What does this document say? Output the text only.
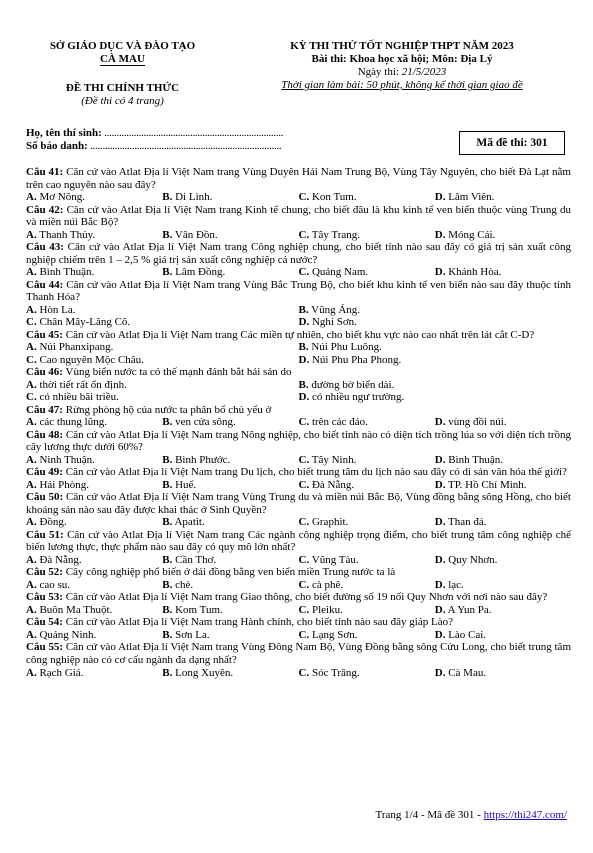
SỞ GIÁO DỤC VÀ ĐÀO TẠO
CÀ MAU
ĐỀ THI CHÍNH THỨC
(Đề thi có 4 trang)
KỲ THI THỬ TỐT NGHIỆP THPT NĂM 2023
Bài thi: Khoa học xã hội; Môn: Địa Lý
Ngày thi: 21/5/2023
Thời gian làm bài: 50 phút, không kể thời gian giao đề
Họ, tên thí sinh: .........................................................................
Số báo danh: ..............................................................................	Mã đề thi: 301
Câu 41: Căn cứ vào Atlat Địa lí Việt Nam trang Vùng Duyên Hải Nam Trung Bộ, Vùng Tây Nguyên, cho biết Đà Lạt nằm trên cao nguyên nào sau đây?
A. Mơ Nông.	B. Di Linh.	C. Kon Tum.	D. Lâm Viên.
Câu 42: Căn cứ vào Atlat Địa lí Việt Nam trang Kinh tế chung, cho biết đâu là khu kinh tế ven biển thuộc vùng Trung du và miền núi Bắc Bộ?
A. Thanh Thủy.	B. Vân Đồn.	C. Tây Trang.	D. Móng Cái.
Câu 43: Căn cứ vào Atlat Địa lí Việt Nam trang Công nghiệp chung, cho biết tỉnh nào sau đây có giá trị sản xuất công nghiệp chiếm trên 1 – 2,5 % giá trị sản xuất công nghiệp cả nước?
A. Bình Thuận.	B. Lâm Đồng.	C. Quảng Nam.	D. Khánh Hòa.
Câu 44: Căn cứ vào Atlat Địa lí Việt Nam trang Vùng Bắc Trung Bộ, cho biết khu kinh tế ven biển nào sau đây thuộc tỉnh Thanh Hóa?
A. Hòn La.	B. Vũng Áng.
C. Chân Mây-Lăng Cô.	D. Nghi Sơn.
Câu 45: Căn cứ vào Atlat Địa lí Việt Nam trang Các miền tự nhiên, cho biết khu vực nào cao nhất trên lát cắt C-D?
A. Núi Phanxipang.	B. Núi Phu Luông.
C. Cao nguyên Mộc Châu.	D. Núi Phu Pha Phong.
Câu 46: Vùng biển nước ta có thế mạnh đánh bắt hải sản do
A. thời tiết rất ổn định.	B. đường bờ biển dài.
C. có nhiều bãi triều.	D. có nhiều ngư trường.
Câu 47: Rừng phòng hộ của nước ta phân bố chủ yếu ở
A. các thung lũng.	B. ven cửa sông.	C. trên các đảo.	D. vùng đồi núi.
Câu 48: Căn cứ vào Atlat Địa lí Việt Nam trang Nông nghiệp, cho biết tỉnh nào có diện tích trồng lúa so với diện tích trồng cây lương thực dưới 60%?
A. Ninh Thuận.	B. Bình Phước.	C. Tây Ninh.	D. Bình Thuận.
Câu 49: Căn cứ vào Atlat Địa lí Việt Nam trang Du lịch, cho biết trung tâm du lịch nào sau đây có di sản văn hóa thế giới?
A. Hải Phòng.	B. Huế.	C. Đà Nẵng.	D. TP. Hồ Chí Minh.
Câu 50: Căn cứ vào Atlat Địa lí Việt Nam trang Vùng Trung du và miền núi Bắc Bộ, Vùng đồng bằng sông Hồng, cho biết khoáng sản nào sau đây được khai thác ở Sinh Quyền?
A. Đồng.	B. Apatit.	C. Graphit.	D. Than đá.
Câu 51: Căn cứ vào Atlat Địa lí Việt Nam trang Các ngành công nghiệp trọng điểm, cho biết trung tâm công nghiệp chế biến lương thực, thực phẩm nào sau đây có quy mô lớn nhất?
A. Đà Nẵng.	B. Cần Thơ.	C. Vũng Tàu.	D. Quy Nhơn.
Câu 52: Cây công nghiệp phổ biến ở dải đồng bằng ven biển miền Trung nước ta là
A. cao su.	B. chè.	C. cà phê.	D. lạc.
Câu 53: Căn cứ vào Atlat Địa lí Việt Nam trang Giao thông, cho biết đường số 19 nối Quy Nhơn với nơi nào sau đây?
A. Buôn Ma Thuột.	B. Kom Tum.	C. Pleiku.	D. A Yun Pa.
Câu 54: Căn cứ vào Atlat Địa lí Việt Nam trang Hành chính, cho biết tỉnh nào sau đây giáp Lào?
A. Quảng Ninh.	B. Sơn La.	C. Lạng Sơn.	D. Lào Cai.
Câu 55: Căn cứ vào Atlat Địa lí Việt Nam trang Vùng Đông Nam Bộ, Vùng Đồng bằng sông Cửu Long, cho biết trung tâm công nghiệp nào có cơ cấu ngành đa dạng nhất?
A. Rạch Giá.	B. Long Xuyên.	C. Sóc Trăng.	D. Cà Mau.
Trang 1/4 - Mã đề 301 - https://thi247.com/
